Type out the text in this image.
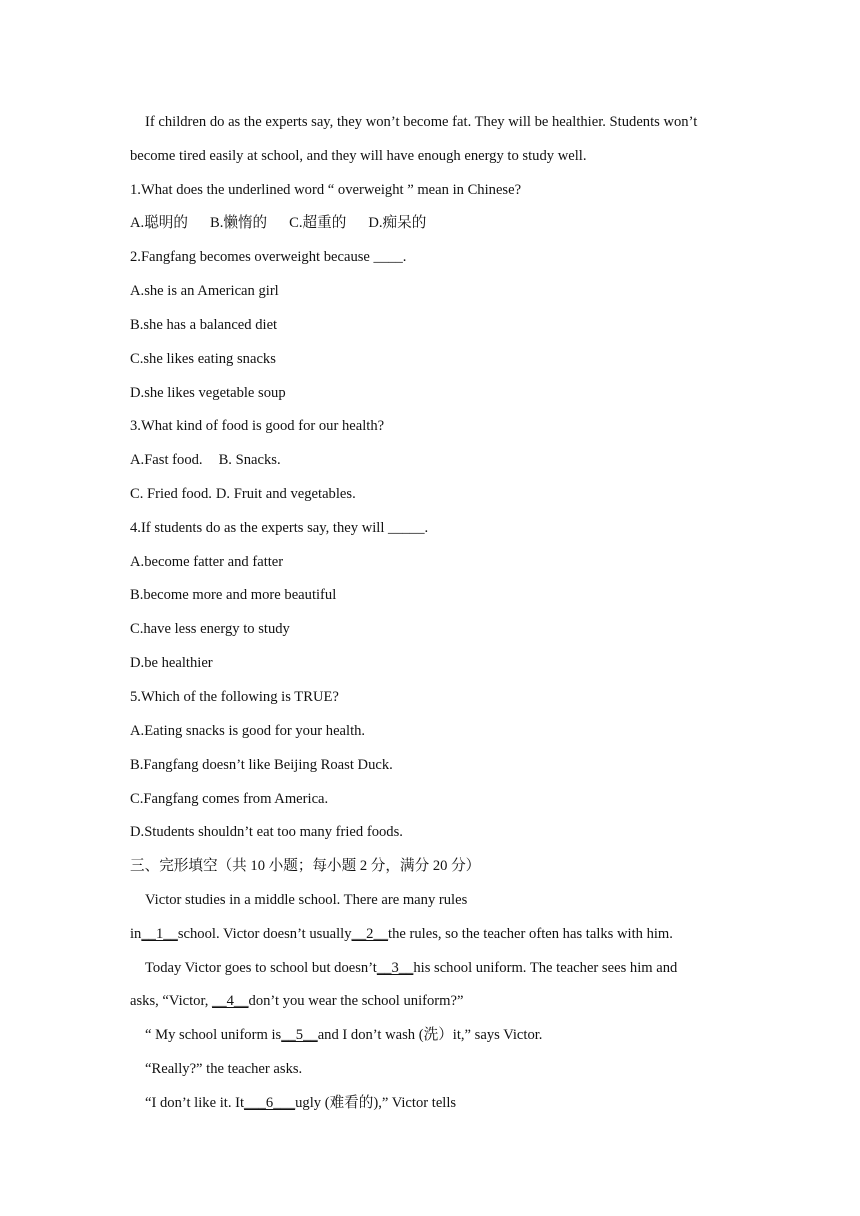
If children do as the experts say, they won’t become fat. They will be healthier. Students won’t
become tired easily at school, and they will have enough energy to study well.
1.What does the underlined word “ overweight ” mean in Chinese?
A.聪明的 B.懒惰的 C.超重的 D.痴呆的
2.Fangfang becomes overweight because ____.
A.she is an American girl
B.she has a balanced diet
C.she likes eating snacks
D.she likes vegetable soup
3.What kind of food is good for our health?
A.Fast food. B. Snacks.
C. Fried food. D. Fruit and vegetables.
4.If students do as the experts say, they will _____.
A.become fatter and fatter
B.become more and more beautiful
C.have less energy to study
D.be healthier
5.Which of the following is TRUE?
A.Eating snacks is good for your health.
B.Fangfang doesn’t like Beijing Roast Duck.
C.Fangfang comes from America.
D.Students shouldn’t eat too many fried foods.
三、完形填空（共 10 小题；每小题 2 分，满分 20 分）
Victor studies in a middle school. There are many rules
in__1__school. Victor doesn’t usually__2__the rules, so the teacher often has talks with him.
Today Victor goes to school but doesn’t__3__his school uniform. The teacher sees him and
asks, “Victor, __4__don’t you wear the school uniform?”
“ My school uniform is__5__and I don’t wash (洗）it,” says Victor.
“Really?” the teacher asks.
“I don’t like it. It___6___ugly (难看的),” Victor tells
